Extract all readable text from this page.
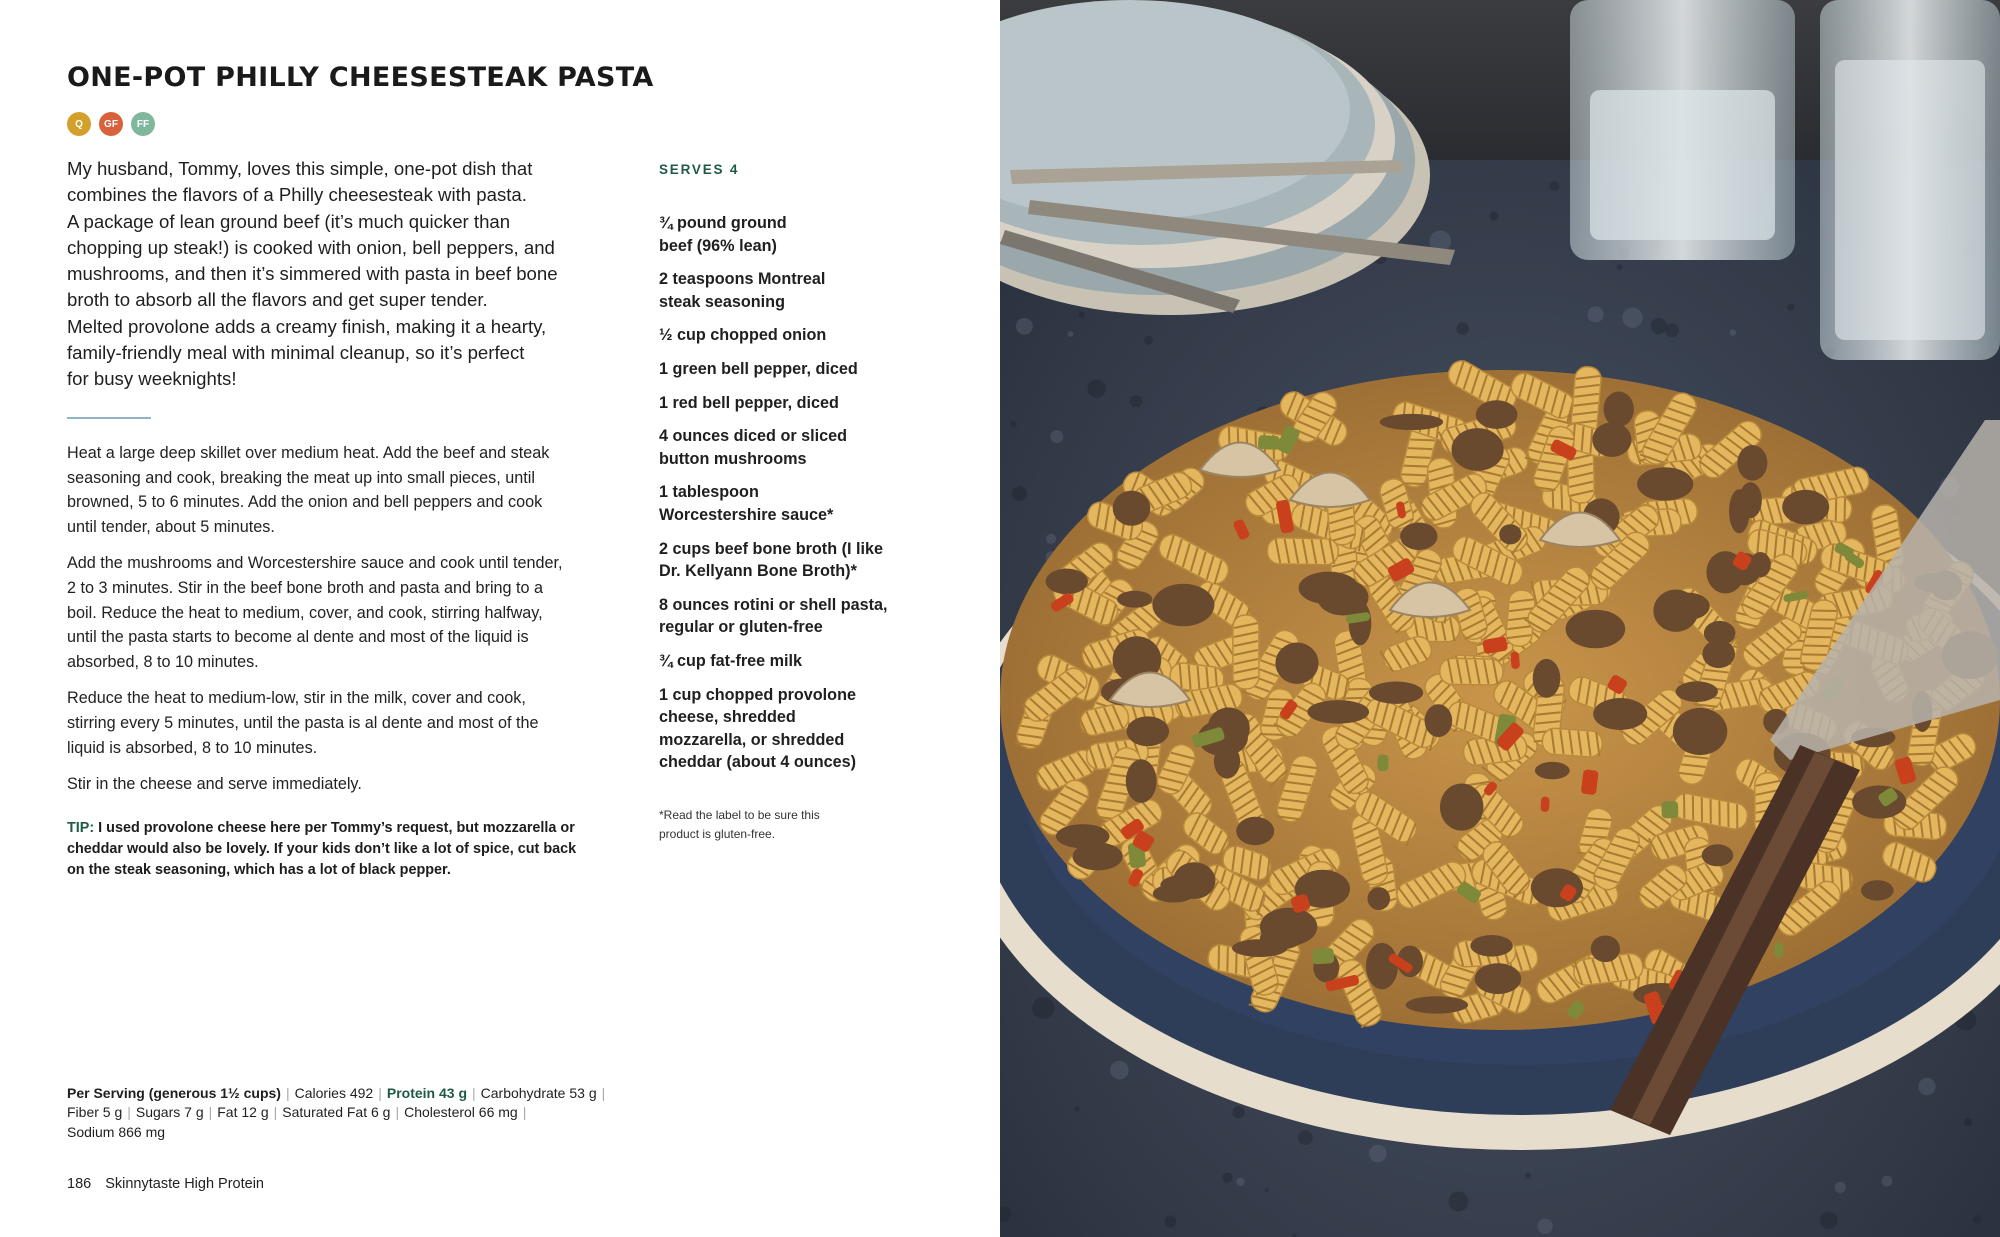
ONE-POT PHILLY CHEESESTEAK PASTA
Q	GF	FF

My husband, Tommy, loves this simple, one-pot dish that
combines the flavors of a Philly cheesesteak with pasta.
A package of lean ground beef (it’s much quicker than
chopping up steak!) is cooked with onion, bell peppers, and
mushrooms, and then it’s simmered with pasta in beef bone
broth to absorb all the flavors and get super tender.
Melted provolone adds a creamy finish, making it a hearty,
family-friendly meal with minimal cleanup, so it’s perfect
for busy weeknights!

Heat a large deep skillet over medium heat. Add the beef and steak
seasoning and cook, breaking the meat up into small pieces, until
browned, 5 to 6 minutes. Add the onion and bell peppers and cook
until tender, about 5 minutes.

Add the mushrooms and Worcestershire sauce and cook until tender,
2 to 3 minutes. Stir in the beef bone broth and pasta and bring to a
boil. Reduce the heat to medium, cover, and cook, stirring halfway,
until the pasta starts to become al dente and most of the liquid is
absorbed, 8 to 10 minutes.

Reduce the heat to medium-low, stir in the milk, cover and cook,
stirring every 5 minutes, until the pasta is al dente and most of the
liquid is absorbed, 8 to 10 minutes.

Stir in the cheese and serve immediately.

TIP: I used provolone cheese here per Tommy’s request, but mozzarella or
cheddar would also be lovely. If your kids don’t like a lot of spice, cut back
on the steak seasoning, which has a lot of black pepper.

SERVES 4

¾ pound ground
beef (96% lean)
2 teaspoons Montreal
steak seasoning
½ cup chopped onion
1 green bell pepper, diced
1 red bell pepper, diced
4 ounces diced or sliced
button mushrooms
1 tablespoon
Worcestershire sauce*
2 cups beef bone broth (I like
Dr. Kellyann Bone Broth)*
8 ounces rotini or shell pasta,
regular or gluten-free
¾ cup fat-free milk
1 cup chopped provolone
cheese, shredded
mozzarella, or shredded
cheddar (about 4 ounces)

*Read the label to be sure this
product is gluten-free.

Per Serving (generous 1½ cups) | Calories 492 | Protein 43 g | Carbohydrate 53 g |
Fiber 5 g | Sugars 7 g | Fat 12 g | Saturated Fat 6 g | Cholesterol 66 mg |
Sodium 866 mg

186 Skinnytaste High Protein
